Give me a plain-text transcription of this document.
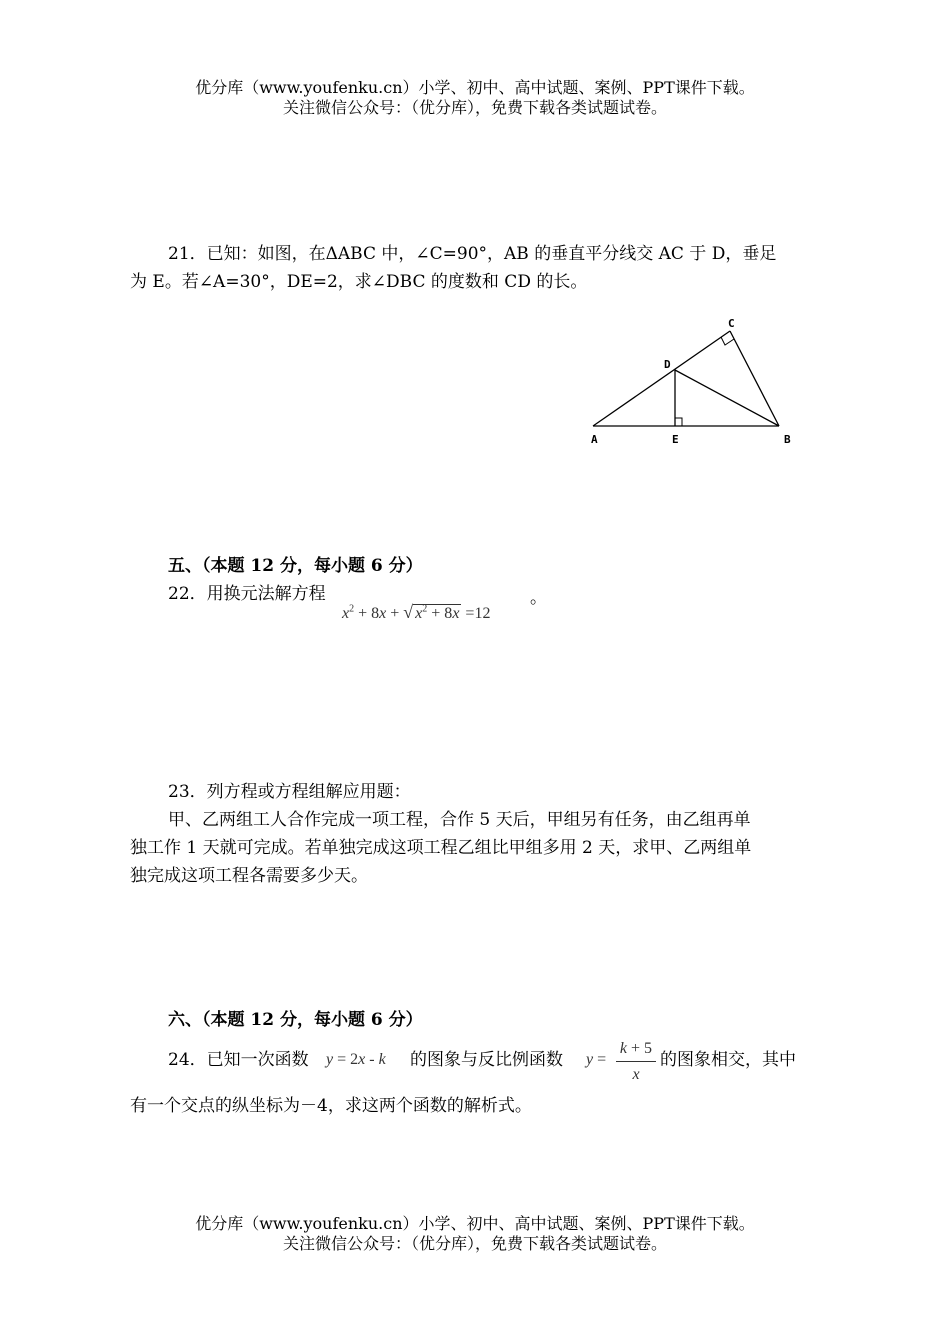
优分库（www.youfenku.cn）小学、初中、高中试题、案例、PPT课件下载。
关注微信公众号：（优分库），免费下载各类试题试卷。
21．已知：如图，在ΔABC 中，∠C=90°，AB 的垂直平分线交 AC 于 D，垂足
为 E。若∠A=30°，DE=2，求∠DBC 的度数和 CD 的长。
A	E	B
D
C
五、（本题 12 分，每小题 6 分）
22．用换元法解方程
$x^2 + 8x$ + √ $x^2 + 8x =12$
。
23．列方程或方程组解应用题：
甲、乙两组工人合作完成一项工程，合作 5 天后，甲组另有任务，由乙组再单
独工作 1 天就可完成。若单独完成这项工程乙组比甲组多用 2 天，求甲、乙两组单
独完成这项工程各需要多少天。
六、（本题 12 分，每小题 6 分）
24．已知一次函数 y = 2x - k 的图象与反比例函数 y =
k + 5
x
的图象相交，其中
有一个交点的纵坐标为－4，求这两个函数的解析式。
优分库（www.youfenku.cn）小学、初中、高中试题、案例、PPT课件下载。
关注微信公众号：（优分库），免费下载各类试题试卷。
